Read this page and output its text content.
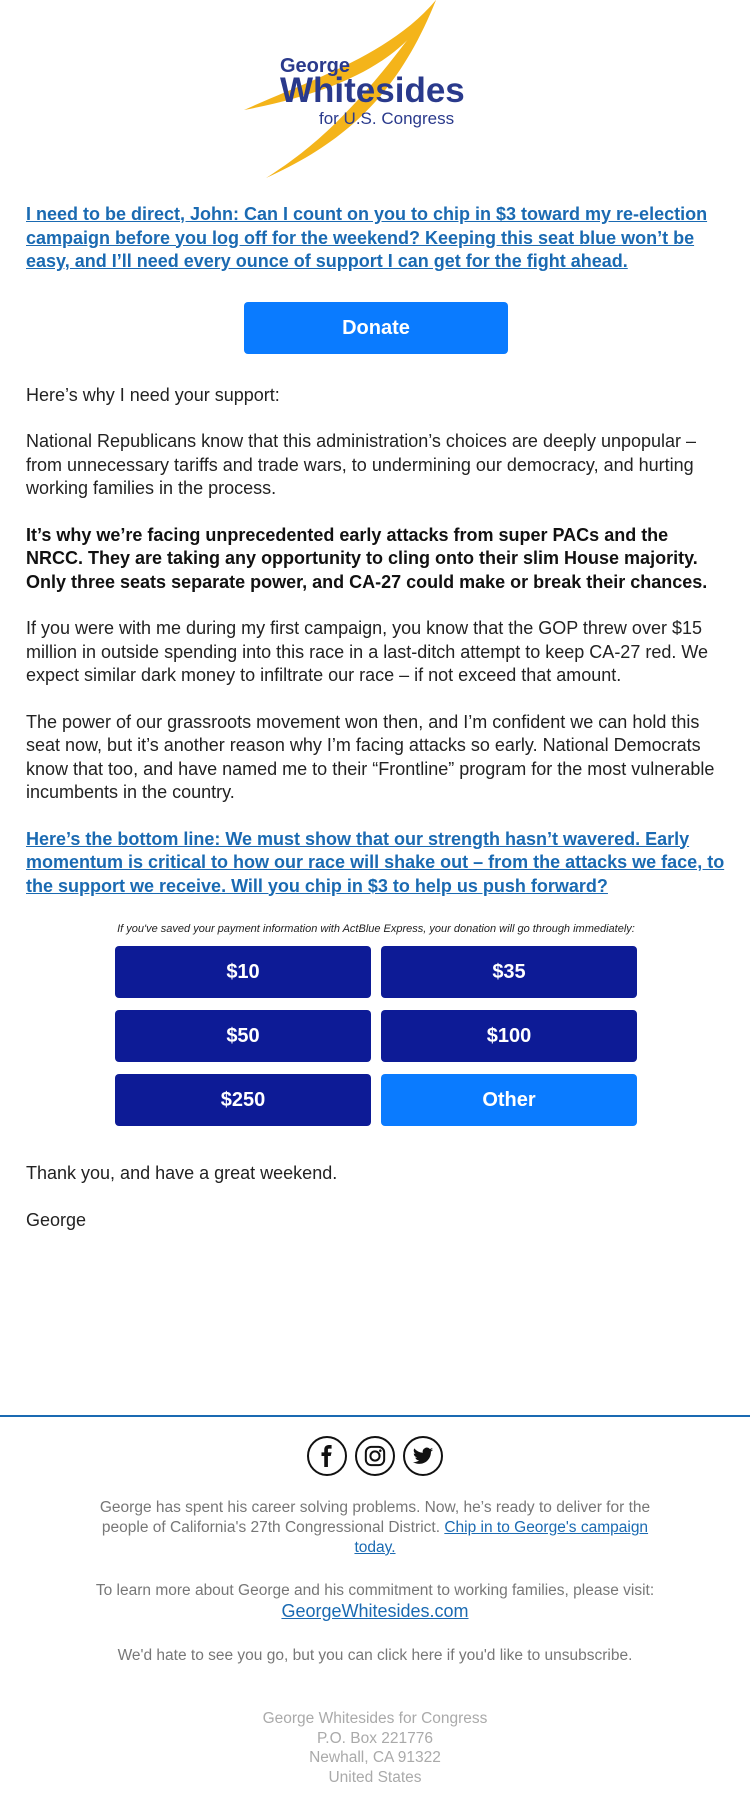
George
Whitesides
for U.S. Congress
I need to be direct, John: Can I count on you to chip in $3 toward my re-election campaign before you log off for the weekend? Keeping this seat blue won’t be easy, and I’ll need every ounce of support I can get for the fight ahead.
Donate

Here’s why I need your support:

National Republicans know that this administration’s choices are deeply unpopular – from unnecessary tariffs and trade wars, to undermining our democracy, and hurting working families in the process.

It’s why we’re facing unprecedented early attacks from super PACs and the NRCC. They are taking any opportunity to cling onto their slim House majority. Only three seats separate power, and CA-27 could make or break their chances.

If you were with me during my first campaign, you know that the GOP threw over $15 million in outside spending into this race in a last-ditch attempt to keep CA-27 red. We expect similar dark money to infiltrate our race – if not exceed that amount.

The power of our grassroots movement won then, and I’m confident we can hold this seat now, but it’s another reason why I’m facing attacks so early. National Democrats know that too, and have named me to their “Frontline” program for the most vulnerable incumbents in the country.

Here’s the bottom line: We must show that our strength hasn’t wavered. Early momentum is critical to how our race will shake out – from the attacks we face, to the support we receive. Will you chip in $3 to help us push forward?
If you've saved your payment information with ActBlue Express, your donation will go through immediately:
$10	$35
$50	$100
$250	Other

Thank you, and have a great weekend.

George

George has spent his career solving problems. Now, he’s ready to deliver for the people of California's 27th Congressional District. Chip in to George's campaign today.
To learn more about George and his commitment to working families, please visit:
GeorgeWhitesides.com
We'd hate to see you go, but you can click here if you'd like to unsubscribe.
George Whitesides for Congress
P.O. Box 221776
Newhall, CA 91322
United States
